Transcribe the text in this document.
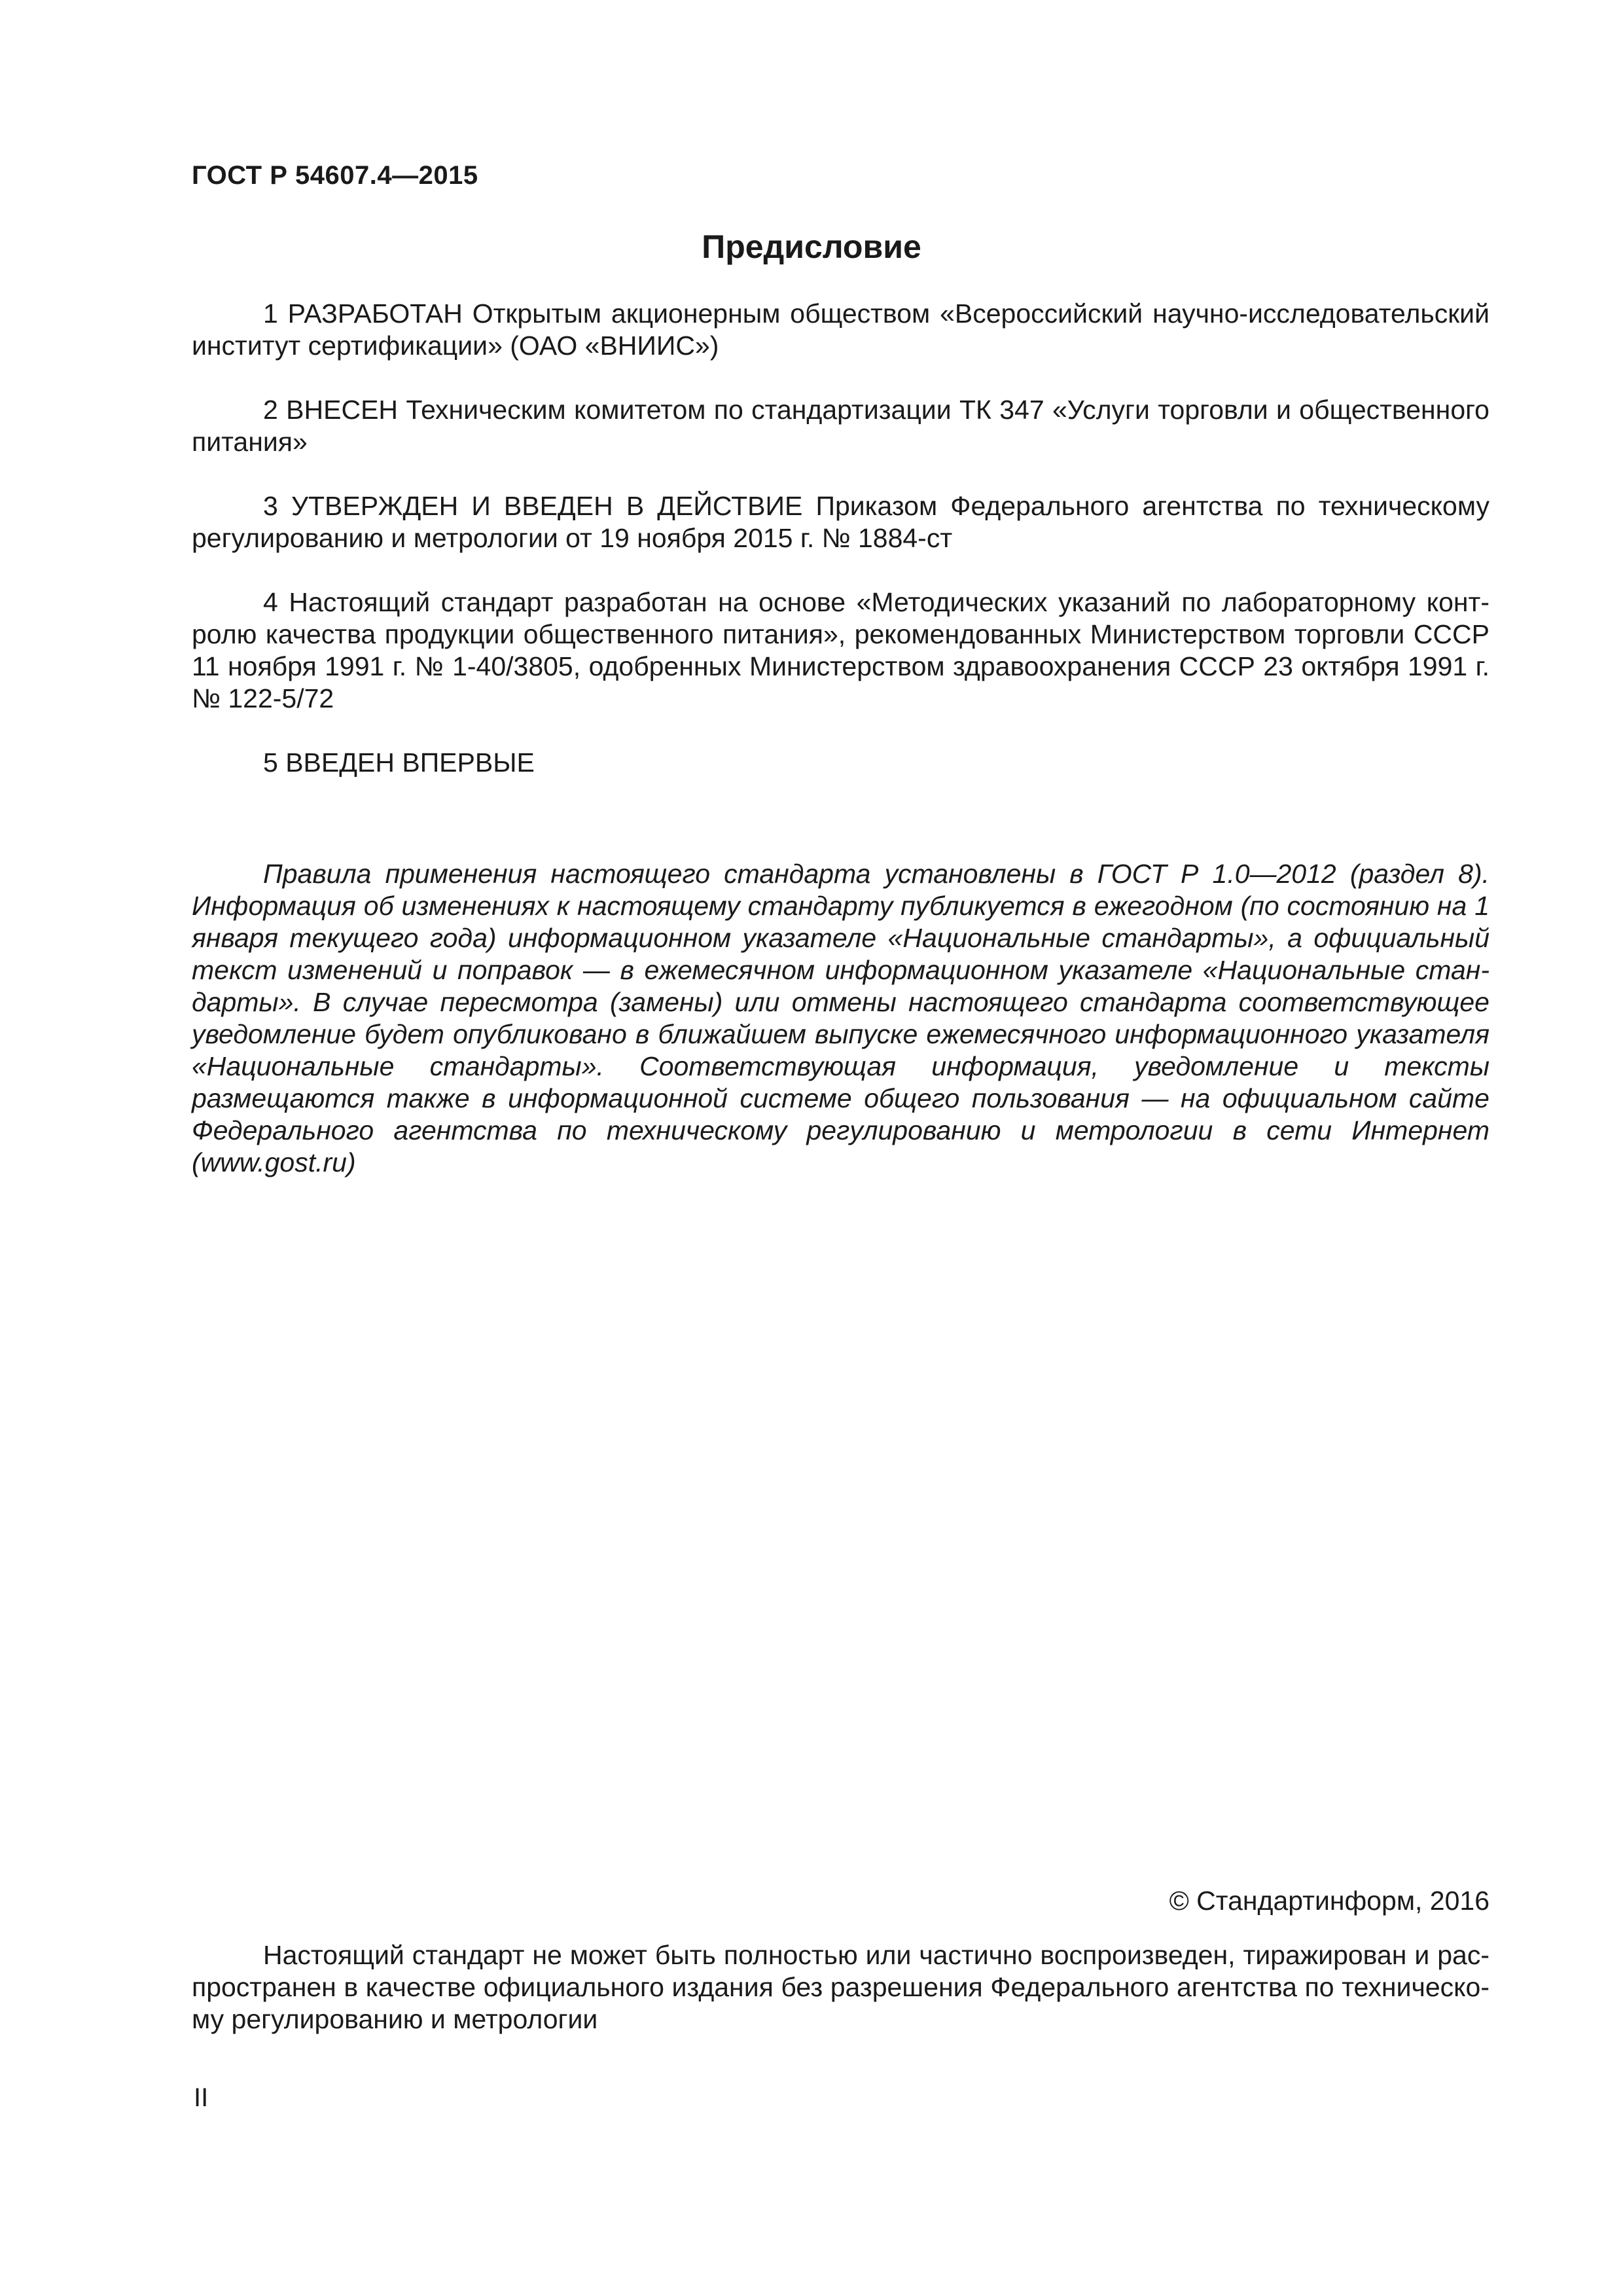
ГОСТ Р 54607.4—2015

Предисловие

1 РАЗРАБОТАН Открытым акционерным обществом «Всероссийский научно-исследовательский институт сертификации» (ОАО «ВНИИС»)

2 ВНЕСЕН Техническим комитетом по стандартизации ТК 347 «Услуги торговли и общественного питания»

3 УТВЕРЖДЕН И ВВЕДЕН В ДЕЙСТВИЕ Приказом Федерального агентства по техническому регулированию и метрологии от 19 ноября 2015 г. № 1884-ст

4 Настоящий стандарт разработан на основе «Методических указаний по лабораторному контролю качества продукции общественного питания», рекомендованных Министерством торговли СССР 11 ноября 1991 г. № 1-40/3805, одобренных Министерством здравоохранения СССР 23 октября 1991 г. № 122-5/72

5 ВВЕДЕН ВПЕРВЫЕ

Правила применения настоящего стандарта установлены в ГОСТ Р 1.0—2012 (раздел 8). Информация об изменениях к настоящему стандарту публикуется в ежегодном (по состоянию на 1 января текущего года) информационном указателе «Национальные стандарты», а официальный текст изменений и поправок — в ежемесячном информационном указателе «Национальные стандарты». В случае пересмотра (замены) или отмены настоящего стандарта соответствующее уведомление будет опубликовано в ближайшем выпуске ежемесячного информационного указателя «Национальные стандарты». Соответствующая информация, уведомление и тексты размещаются также в информационной системе общего пользования — на официальном сайте Федерального агентства по техническому регулированию и метрологии в сети Интернет (www.gost.ru)

© Стандартинформ, 2016

Настоящий стандарт не может быть полностью или частично воспроизведен, тиражирован и распространен в качестве официального издания без разрешения Федерального агентства по техническому регулированию и метрологии

II
